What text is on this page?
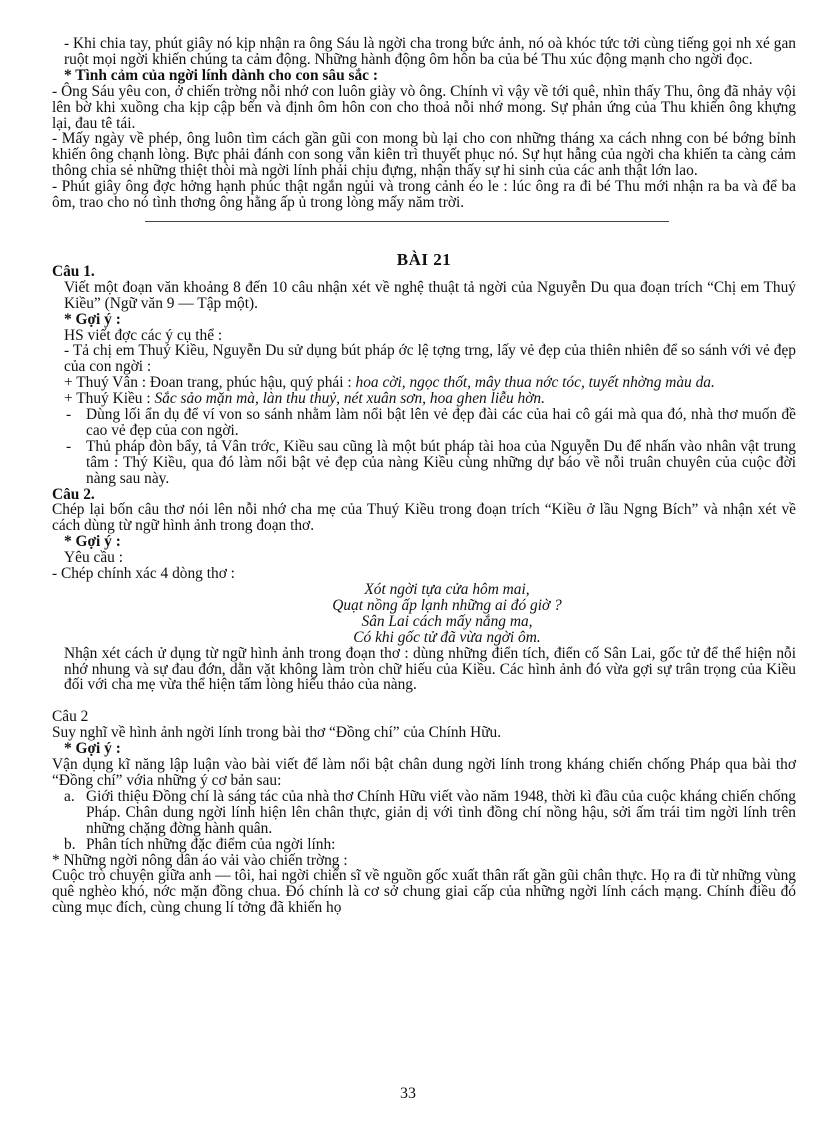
- Khi chia tay, phút giây nó kịp nhận ra ông Sáu là ngời cha trong bức ảnh, nó oà khóc tức tởi cùng tiếng gọi nh xé gan ruột mọi ngời khiến chúng ta cảm động. Những hành động ôm hôn ba của bé Thu xúc động mạnh cho ngời đọc.

* Tình cảm của ngời lính dành cho con sâu sắc :

- Ông Sáu yêu con, ở chiến trờng nỗi nhớ con luôn giày vò ông. Chính vì vậy về tới quê, nhìn thấy Thu, ông đã nhảy vội lên bờ khi xuồng cha kịp cập bến và định ôm hôn con cho thoả nỗi nhớ mong. Sự phản ứng của Thu khiến ông khựng lại, đau tê tái.

- Mấy ngày về phép, ông luôn tìm cách gần gũi con mong bù lại cho con những tháng xa cách nhng con bé bớng bỉnh khiến ông chạnh lòng. Bực phải đánh con song vẫn kiên trì thuyết phục nó. Sự hụt hẫng của ngời cha khiến ta càng cảm thông chia sẻ những thiệt thòi mà ngời lính phải chịu đựng, nhận thấy sự hi sinh của các anh thật lớn lao.

- Phút giây ông đợc hởng hạnh phúc thật ngắn ngủi và trong cảnh éo le : lúc ông ra đi bé Thu mới nhận ra ba và để ba ôm, trao cho nó tình thơng ông hằng ấp ủ trong lòng mấy năm trời.

BÀI 21

Câu 1.

Viết một đoạn văn khoảng 8 đến 10 câu nhận xét về nghệ thuật tả ngời của Nguyễn Du qua đoạn trích “Chị em Thuý Kiều” (Ngữ văn 9 — Tập một).

* Gợi ý :

HS viết đợc các ý cụ thể :

- Tả chị em Thuý Kiều, Nguyễn Du sử dụng bút pháp ớc lệ tợng trng, lấy vẻ đẹp của thiên nhiên để so sánh với vẻ đẹp của con ngời :

+ Thuý Vân : Đoan trang, phúc hậu, quý phái : hoa cời, ngọc thốt, mây thua nớc tóc, tuyết nhờng màu da.

+ Thuý Kiều : Sắc sảo mặn mà, làn thu thuỷ, nét xuân sơn, hoa ghen liễu hờn.

- Dùng lối ẩn dụ để ví von so sánh nhằm làm nổi bật lên vẻ đẹp đài các của hai cô gái mà qua đó, nhà thơ muốn đề cao vẻ đẹp của con ngời.

- Thủ pháp đòn bẩy, tả Vân trớc, Kiều sau cũng là một bút pháp tài hoa của Nguyễn Du để nhấn vào nhân vật trung tâm : Thý Kiều, qua đó làm nổi bật vẻ đẹp của nàng Kiều cùng những dự báo về nỗi truân chuyên của cuộc đời nàng sau này.

Câu 2.

Chép lại bốn câu thơ nói lên nỗi nhớ cha mẹ của Thuý Kiều trong đoạn trích “Kiều ở lầu Ngng Bích” và nhận xét về cách dùng từ ngữ hình ảnh trong đoạn thơ.

* Gợi ý :

Yêu cầu :

- Chép chính xác 4 dòng thơ :

Xót ngời tựa cửa hôm mai,

Quạt nồng ấp lạnh những ai đó giờ ?

Sân Lai cách mấy nắng ma,

Có khi gốc tử đã vừa ngời ôm.

Nhận xét cách ử dụng từ ngữ hình ảnh trong đoạn thơ : dùng những điển tích, điển cố Sân Lai, gốc tử để thể hiện nỗi nhớ nhung và sự đau đớn, dằn vặt không làm tròn chữ hiếu của Kiều. Các hình ảnh đó vừa gợi sự trân trọng của Kiều đối với cha mẹ vừa thể hiện tấm lòng hiếu thảo của nàng.

Câu 2

Suy nghĩ về hình ảnh ngời lính trong bài thơ “Đồng chí” của Chính Hữu.

* Gợi ý :

Vận dụng kĩ năng lập luận vào bài viết để làm nổi bật chân dung ngời lính trong kháng chiến chống Pháp qua bài thơ “Đồng chí” vớia những ý cơ bản sau:

a. Giới thiệu Đồng chí là sáng tác của nhà thơ Chính Hữu viết vào năm 1948, thời kì đầu của cuộc kháng chiến chống Pháp. Chân dung ngời lính hiện lên chân thực, giản dị với tình đồng chí nồng hậu, sởi ấm trái tim ngời lính trên những chặng đờng hành quân.

b. Phân tích những đặc điểm của ngời lính:

* Những ngời nông dân áo vải vào chiến trờng :

Cuộc trò chuyện giữa anh — tôi, hai ngời chiến sĩ về nguồn gốc xuất thân rất gần gũi chân thực. Họ ra đi từ những vùng quê nghèo khó, nớc mặn đồng chua. Đó chính là cơ sở chung giai cấp của những ngời lính cách mạng. Chính điều đó cùng mục đích, cùng chung lí tởng đã khiến họ

33
